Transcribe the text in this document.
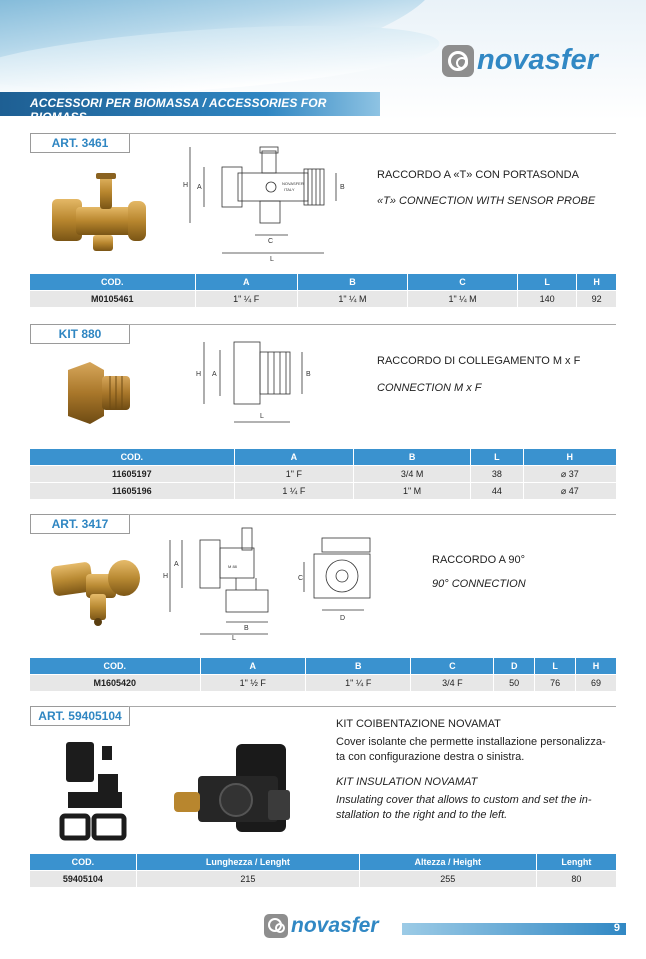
ACCESSORI PER BIOMASSA / ACCESSORIES FOR BIOMASS
novasfer
ART. 3461
H A	B
C
L
NOVASFER
ITALY
RACCORDO A «T» CON PORTASONDA
«T» CONNECTION WITH SENSOR PROBE
COD.	A	B	C	L	H
M0105461	1" ¼ F	1" ¼ M	1" ¼ M	140	92
KIT 880
H A	B
L
RACCORDO DI COLLEGAMENTO M x F
CONNECTION M x F
COD.	A	B	L	H
11605197	1" F	3/4 M	38	⌀ 37
11605196	1 ¼ F	1" M	44	⌀ 47
ART. 3417
H
A
B
L
M 88
C
D
RACCORDO A 90°
90° CONNECTION
COD.	A	B	C	D	L	H
M1605420	1" ½ F	1" ¼ F	3/4 F	50	76	69
ART. 59405104
KIT COIBENTAZIONE NOVAMAT
Cover isolante che permette installazione personalizza-
ta con configurazione destra o sinistra.
KIT INSULATION NOVAMAT
Insulating cover that allows to custom and set the in-
stallation to the right and to the left.
COD.	Lunghezza / Lenght	Altezza / Height	Lenght
59405104	215	255	80
novasfer	9
